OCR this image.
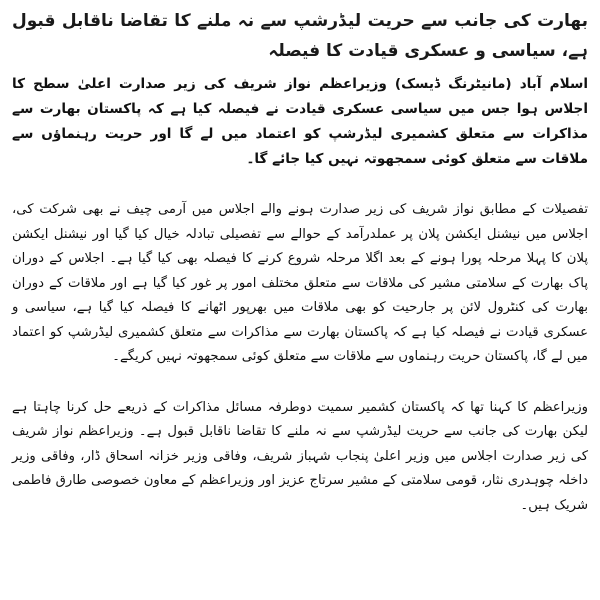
بھارت کی جانب سے حریت لیڈرشپ سے نہ ملنے کا تقاضا ناقابل قبول ہے، سیاسی و عسکری قیادت کا فیصلہ

اسلام آباد (مانیٹرنگ ڈیسک) وزیراعظم نواز شریف کی زیر صدارت اعلیٰ سطح کا اجلاس ہوا جس میں سیاسی عسکری قیادت نے فیصلہ کیا ہے کہ پاکستان بھارت سے مذاکرات سے متعلق کشمیری لیڈرشپ کو اعتماد میں لے گا اور حریت رہنماؤں سے ملاقات سے متعلق کوئی سمجھوتہ نہیں کیا جائے گا۔

تفصیلات کے مطابق نواز شریف کی زیر صدارت ہونے والے اجلاس میں آرمی چیف نے بھی شرکت کی، اجلاس میں نیشنل ایکشن پلان پر عملدرآمد کے حوالے سے تفصیلی تبادلہ خیال کیا گیا اور نیشنل ایکشن پلان کا پہلا مرحلہ پورا ہونے کے بعد اگلا مرحلہ شروع کرنے کا فیصلہ بھی کیا گیا ہے۔ اجلاس کے دوران پاک بھارت کے سلامتی مشیر کی ملاقات سے متعلق مختلف امور پر غور کیا گیا ہے اور ملاقات کے دوران بھارت کی کنٹرول لائن پر جارحیت کو بھی ملاقات میں بھرپور اٹھانے کا فیصلہ کیا گیا ہے، سیاسی و عسکری قیادت نے فیصلہ کیا ہے کہ پاکستان بھارت سے مذاکرات سے متعلق کشمیری لیڈرشپ کو اعتماد میں لے گا، پاکستان حریت رہنماوں سے ملاقات سے متعلق کوئی سمجھوتہ نہیں کریگے۔

وزیراعظم کا کہنا تھا کہ پاکستان کشمیر سمیت دوطرفہ مسائل مذاکرات کے ذریعے حل کرنا چاہتا ہے لیکن بھارت کی جانب سے حریت لیڈرشپ سے نہ ملنے کا تقاضا ناقابل قبول ہے۔ وزیراعظم نواز شریف کی زیر صدارت اجلاس میں وزیر اعلیٰ پنجاب شہباز شریف، وفاقی وزیر خزانہ اسحاق ڈار، وفاقی وزیر داخلہ چوہدری نثار، قومی سلامتی کے مشیر سرتاج عزیز اور وزیراعظم کے معاون خصوصی طارق فاطمی شریک ہیں۔
